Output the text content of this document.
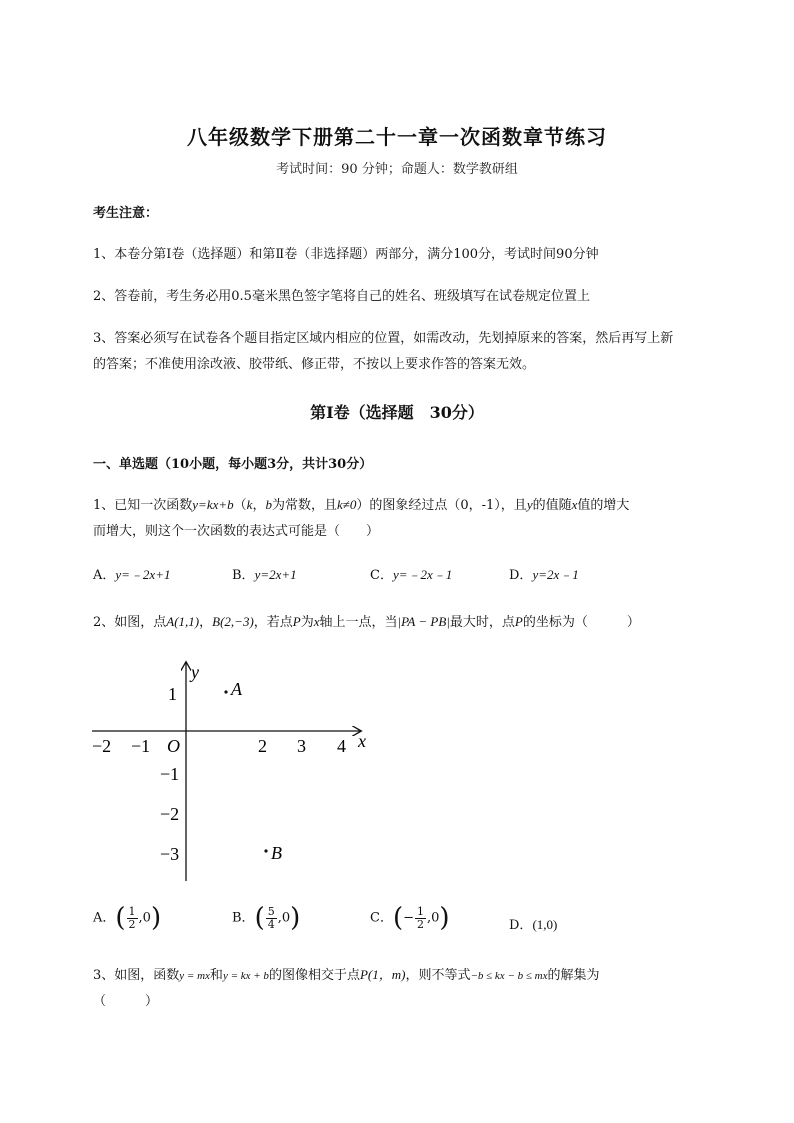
八年级数学下册第二十一章一次函数章节练习
考试时间：90 分钟；命题人：数学教研组
考生注意：
1、本卷分第Ⅰ卷（选择题）和第Ⅱ卷（非选择题）两部分，满分100分，考试时间90分钟
2、答卷前，考生务必用0.5毫米黑色签字笔将自己的姓名、班级填写在试卷规定位置上
3、答案必须写在试卷各个题目指定区域内相应的位置，如需改动，先划掉原来的答案，然后再写上新
的答案；不准使用涂改液、胶带纸、修正带，不按以上要求作答的答案无效。
第Ⅰ卷（选择题　30分）
一、单选题（10小题，每小题3分，共计30分）
1、已知一次函数y=kx+b（k，b为常数，且k≠0）的图象经过点（0，-1），且y的值随x值的增大
而增大，则这个一次函数的表达式可能是（　　）
A．y=﹣2x+1	B．y=2x+1	C．y=﹣2x﹣1	D．y=2x﹣1
2、如图，点A(1,1)，B(2,−3)，若点P为x轴上一点，当|PA − PB|最大时，点P的坐标为（　　　）
y
x
O
−2 −1	2 3 4
1
−1
−2
−3
A
B
A．( $\frac{1}{2} ,0$)	B．( $\frac{5}{4} ,0$)	C．(− $\frac{1}{2} ,0$)	D．(1,0)
3、如图，函数y = mx和y = kx + b的图像相交于点P(1，m)，则不等式−b ≤ kx − b ≤ mx的解集为
（　　　）
